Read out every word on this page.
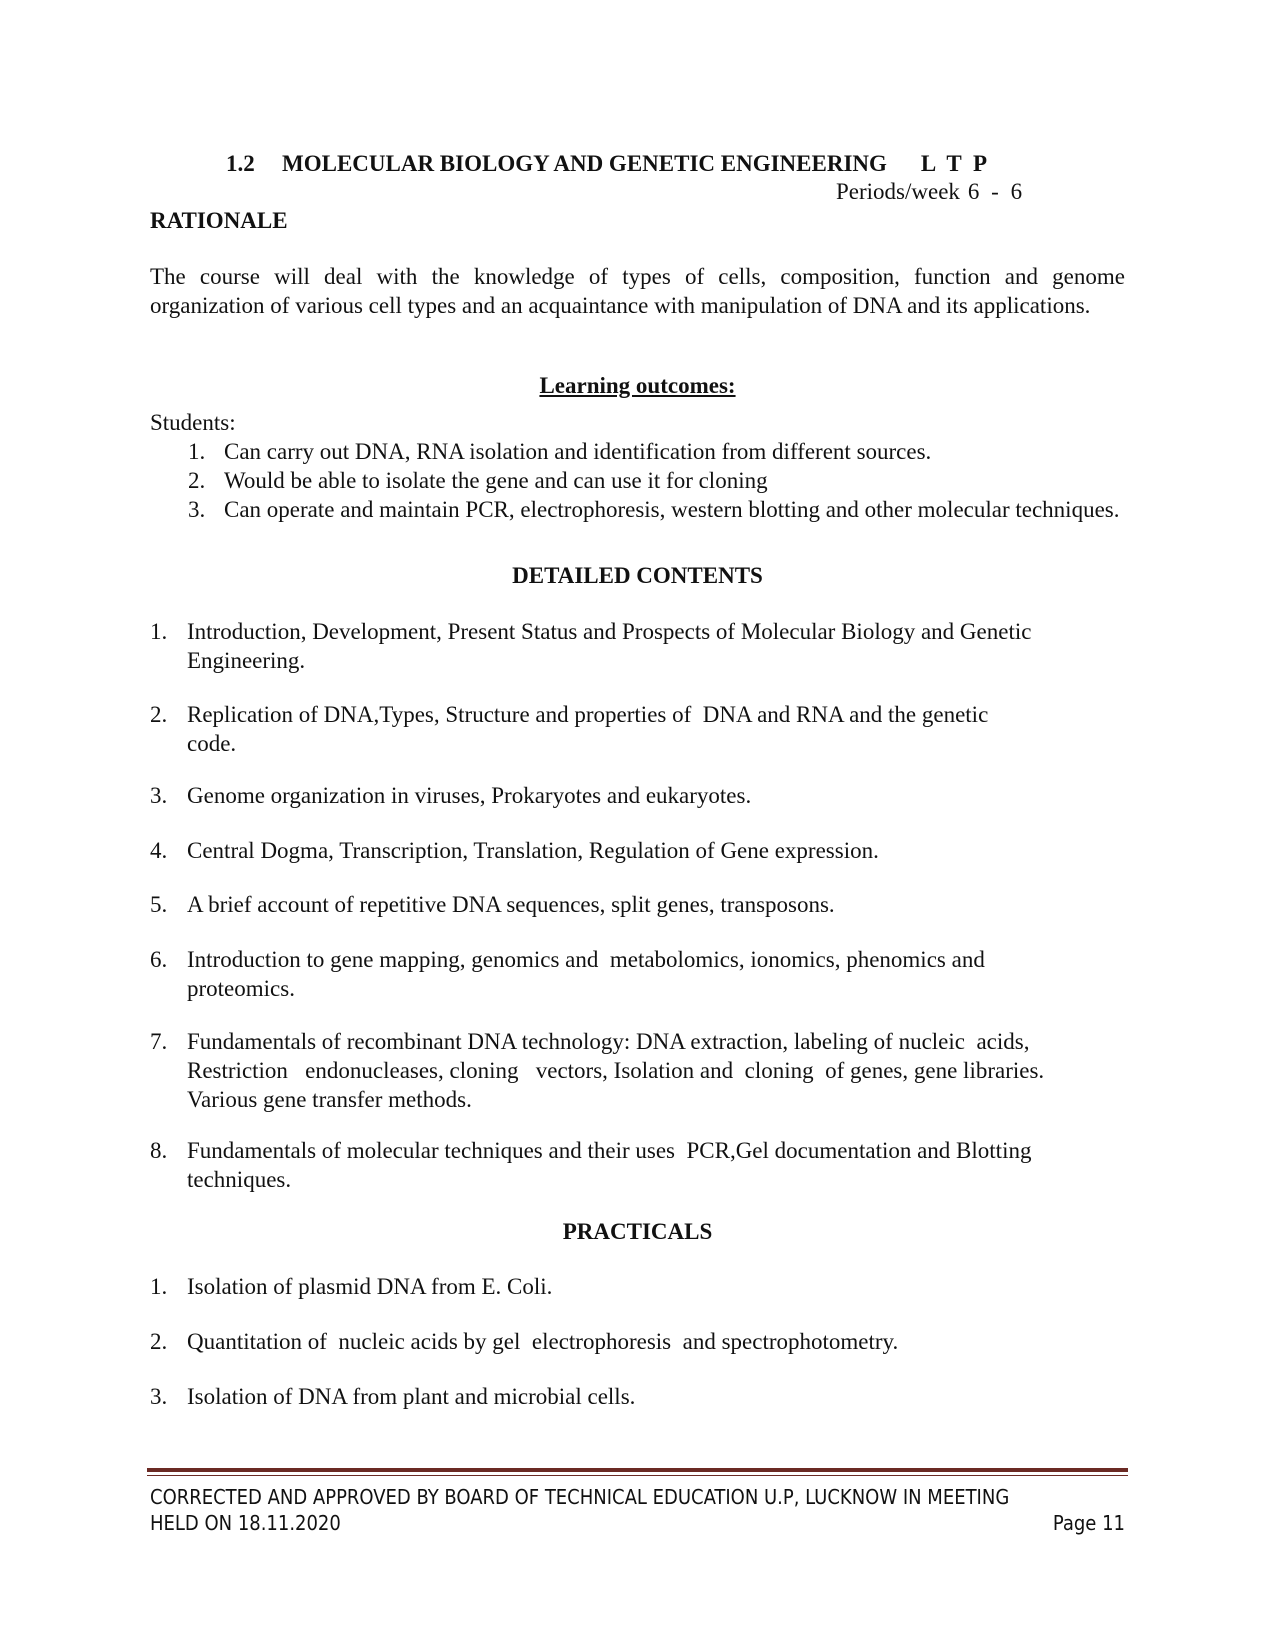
1.2 MOLECULAR BIOLOGY AND GENETIC ENGINEERING L T P
Periods/week 6 - 6
RATIONALE
The course will deal with the knowledge of types of cells, composition, function and genome organization of various cell types and an acquaintance with manipulation of DNA and its applications.
Learning outcomes:
Students:
1. Can carry out DNA, RNA isolation and identification from different sources.
2. Would be able to isolate the gene and can use it for cloning
3. Can operate and maintain PCR, electrophoresis, western blotting and other molecular techniques.
DETAILED CONTENTS
1. Introduction, Development, Present Status and Prospects of Molecular Biology and Genetic Engineering.
2. Replication of DNA,Types, Structure and properties of  DNA and RNA and the genetic code.
3. Genome organization in viruses, Prokaryotes and eukaryotes.
4. Central Dogma, Transcription, Translation, Regulation of Gene expression.
5. A brief account of repetitive DNA sequences, split genes, transposons.
6. Introduction to gene mapping, genomics and  metabolomics, ionomics, phenomics and proteomics.
7. Fundamentals of recombinant DNA technology: DNA extraction, labeling of nucleic  acids, Restriction   endonucleases, cloning   vectors, Isolation and  cloning  of genes, gene libraries. Various gene transfer methods.
8. Fundamentals of molecular techniques and their uses  PCR,Gel documentation and Blotting techniques.
PRACTICALS
1. Isolation of plasmid DNA from E. Coli.
2. Quantitation of  nucleic acids by gel  electrophoresis  and spectrophotometry.
3. Isolation of DNA from plant and microbial cells.
CORRECTED AND APPROVED BY BOARD OF TECHNICAL EDUCATION U.P, LUCKNOW IN MEETING
HELD ON 18.11.2020	Page 11
